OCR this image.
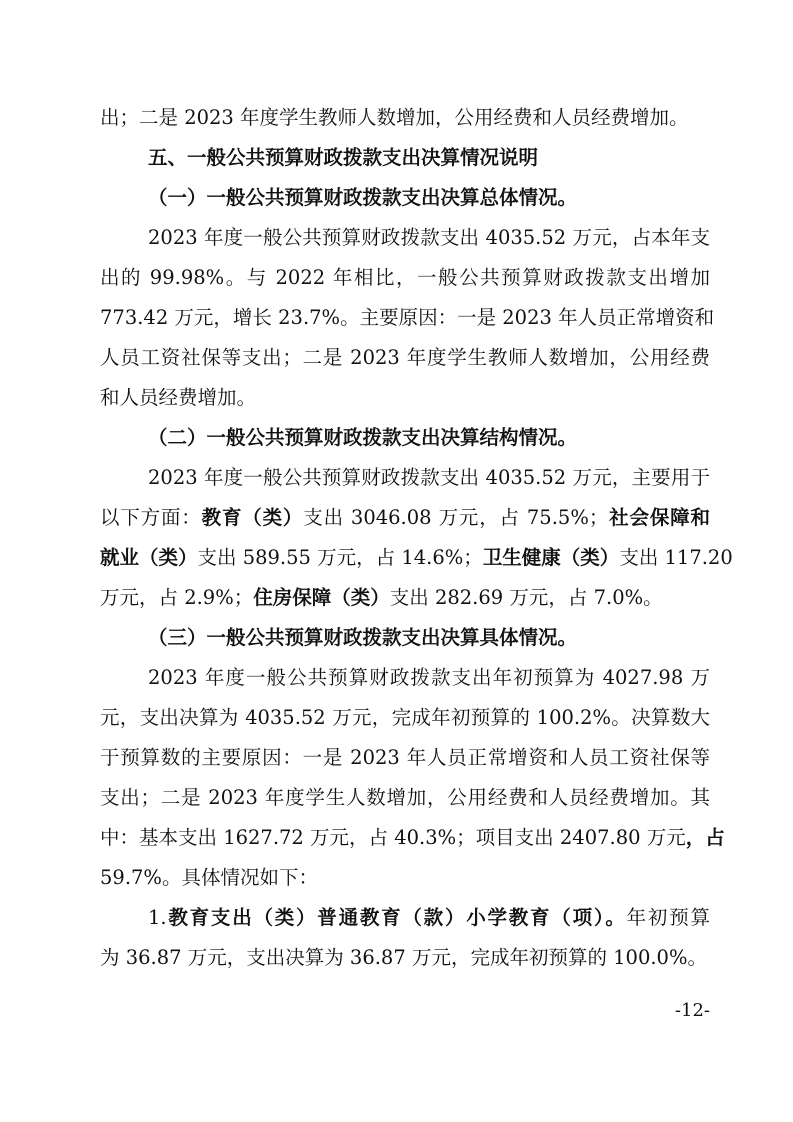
出；二是 2023 年度学生教师人数增加，公用经费和人员经费增加。
五、一般公共预算财政拨款支出决算情况说明
（一）一般公共预算财政拨款支出决算总体情况。
2023 年度一般公共预算财政拨款支出 4035.52 万元，占本年支
出的 99.98%。与 2022 年相比，一般公共预算财政拨款支出增加
773.42 万元，增长 23.7%。主要原因：一是 2023 年人员正常增资和
人员工资社保等支出；二是 2023 年度学生教师人数增加，公用经费
和人员经费增加。
（二）一般公共预算财政拨款支出决算结构情况。
2023 年度一般公共预算财政拨款支出 4035.52 万元，主要用于
以下方面：教育（类）支出 3046.08 万元，占 75.5%；社会保障和
就业（类）支出 589.55 万元，占 14.6%；卫生健康（类）支出 117.20
万元，占 2.9%；住房保障（类）支出 282.69 万元，占 7.0%。
（三）一般公共预算财政拨款支出决算具体情况。
2023 年度一般公共预算财政拨款支出年初预算为 4027.98 万
元，支出决算为 4035.52 万元，完成年初预算的 100.2%。决算数大
于预算数的主要原因：一是 2023 年人员正常增资和人员工资社保等
支出；二是 2023 年度学生人数增加，公用经费和人员经费增加。其
中：基本支出 1627.72 万元，占 40.3%；项目支出 2407.80 万元，占
59.7%。具体情况如下：
1.教育支出（类）普通教育（款）小学教育（项）。年初预算
为 36.87 万元，支出决算为 36.87 万元，完成年初预算的 100.0%。
-12-
